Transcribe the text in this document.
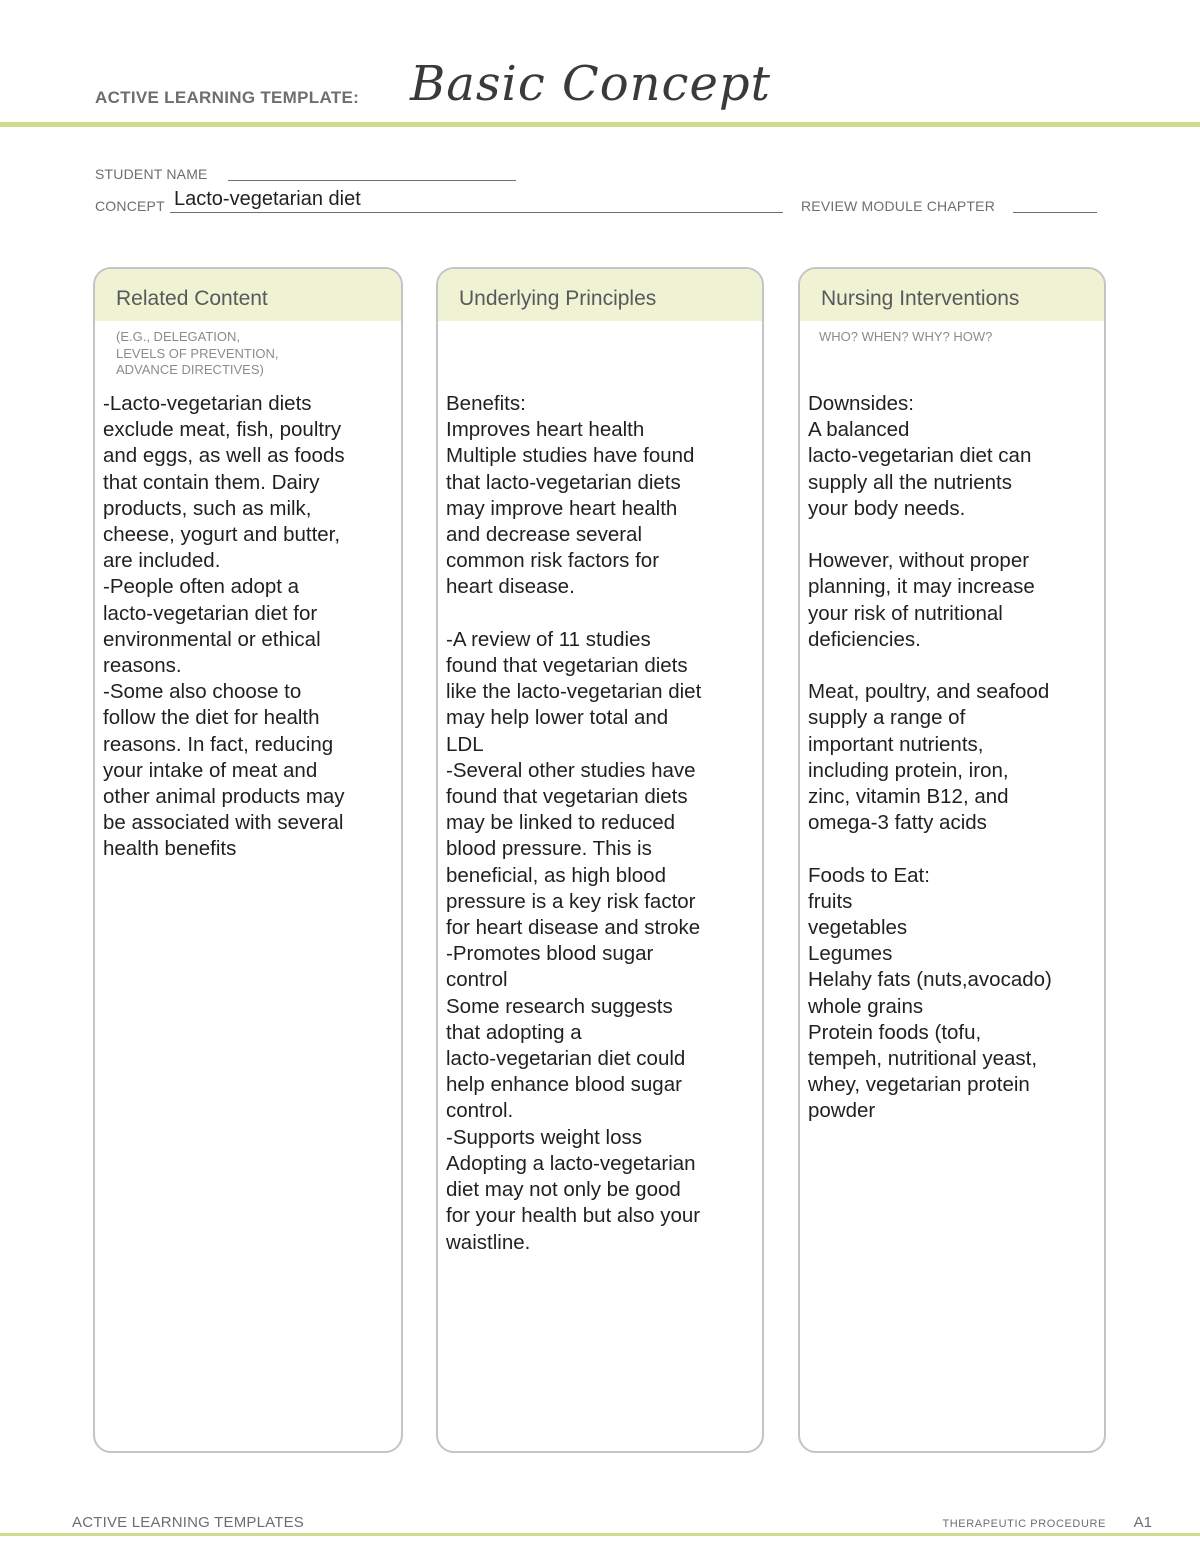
ACTIVE LEARNING TEMPLATE: Basic Concept
STUDENT NAME
CONCEPT Lacto-vegetarian diet	REVIEW MODULE CHAPTER
Related Content
(E.G., DELEGATION,
LEVELS OF PREVENTION,
ADVANCE DIRECTIVES)
-Lacto-vegetarian diets
exclude meat, fish, poultry
and eggs, as well as foods
that contain them. Dairy
products, such as milk,
cheese, yogurt and butter,
are included.
-People often adopt a
lacto-vegetarian diet for
environmental or ethical
reasons.
-Some also choose to
follow the diet for health
reasons. In fact, reducing
your intake of meat and
other animal products may
be associated with several
health benefits
Underlying Principles
Benefits:
Improves heart health
Multiple studies have found
that lacto-vegetarian diets
may improve heart health
and decrease several
common risk factors for
heart disease.

-A review of 11 studies
found that vegetarian diets
like the lacto-vegetarian diet
may help lower total and
LDL
-Several other studies have
found that vegetarian diets
may be linked to reduced
blood pressure. This is
beneficial, as high blood
pressure is a key risk factor
for heart disease and stroke
-Promotes blood sugar
control
Some research suggests
that adopting a
lacto-vegetarian diet could
help enhance blood sugar
control.
-Supports weight loss
Adopting a lacto-vegetarian
diet may not only be good
for your health but also your
waistline.
Nursing Interventions
WHO? WHEN? WHY? HOW?
Downsides:
A balanced
lacto-vegetarian diet can
supply all the nutrients
your body needs.

However, without proper
planning, it may increase
your risk of nutritional
deficiencies.

Meat, poultry, and seafood
supply a range of
important nutrients,
including protein, iron,
zinc, vitamin B12, and
omega-3 fatty acids

Foods to Eat:
fruits
vegetables
Legumes
Helahy fats (nuts,avocado)
whole grains
Protein foods (tofu,
tempeh, nutritional yeast,
whey, vegetarian protein
powder
ACTIVE LEARNING TEMPLATES	THERAPEUTIC PROCEDURE A1
